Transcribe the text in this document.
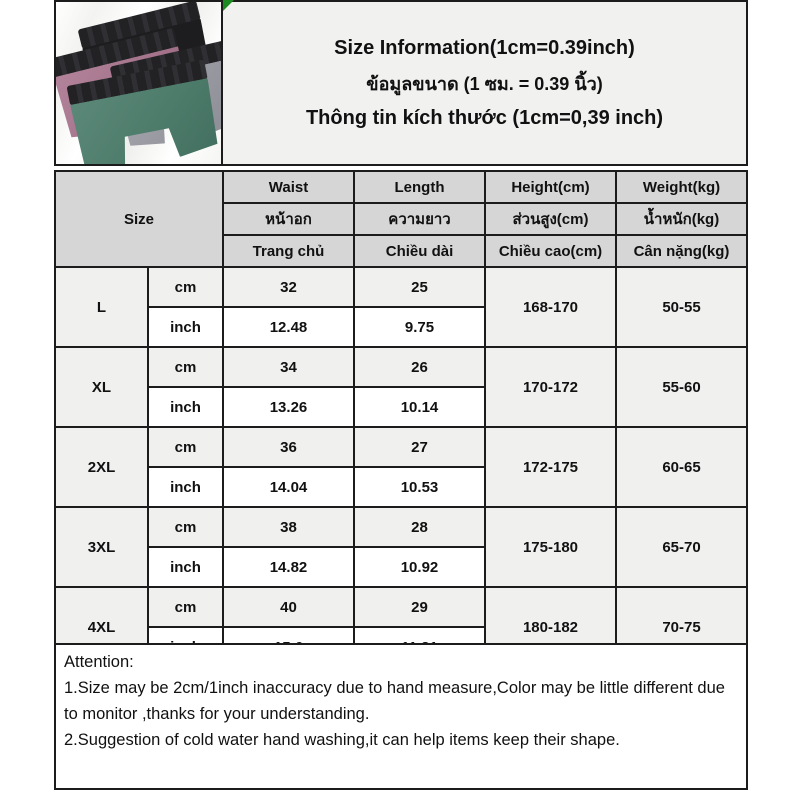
Size Information(1cm=0.39inch)
ข้อมูลขนาด (1 ซม. = 0.39 นิ้ว)
Thông tin kích thước (1cm=0,39 inch)
Size		Waist	Length	Height(cm)	Weight(kg)
		หน้าอก	ความยาว	ส่วนสูง(cm)	น้ำหนัก(kg)
		Trang chủ	Chiều dài	Chiều cao(cm)	Cân nặng(kg)
L	cm	32	25	168-170	50-55
	inch	12.48	9.75		
XL	cm	34	26	170-172	55-60
	inch	13.26	10.14		
2XL	cm	36	27	172-175	60-65
	inch	14.04	10.53		
3XL	cm	38	28	175-180	65-70
	inch	14.82	10.92		
4XL	cm	40	29	180-182	70-75

Attention:
1.Size may be 2cm/1inch inaccuracy due to hand measure,Color may be little different due to monitor ,thanks for your understanding.
2.Suggestion of cold water hand washing,it can help items keep their shape.
